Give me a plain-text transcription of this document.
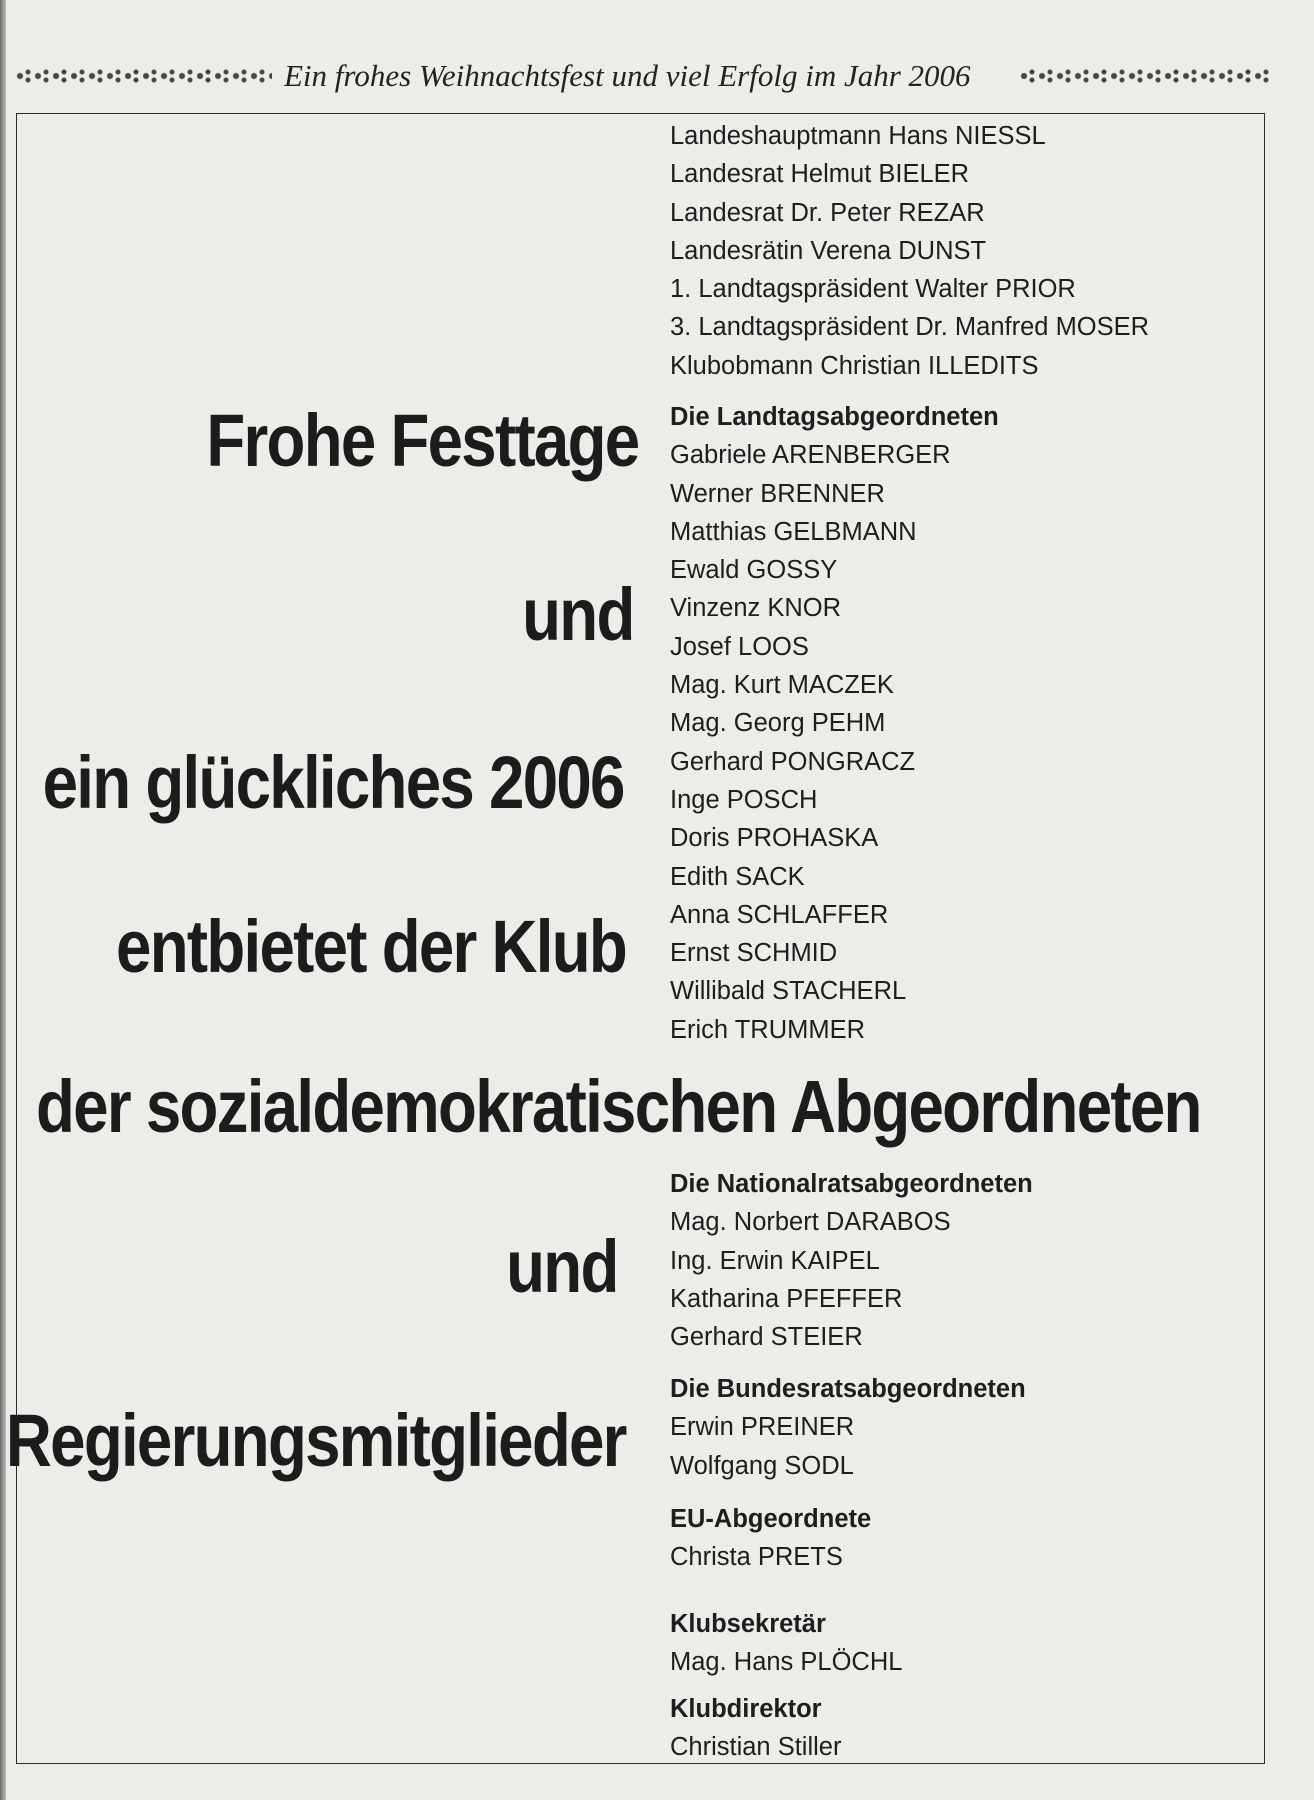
Ein frohes Weihnachtsfest und viel Erfolg im Jahr 2006
Frohe Festtage
und
ein glückliches 2006
entbietet der Klub
der sozialdemokratischen Abgeordneten
und
Regierungsmitglieder
Landeshauptmann Hans NIESSL
Landesrat Helmut BIELER
Landesrat Dr. Peter REZAR
Landesrätin Verena DUNST
1. Landtagspräsident Walter PRIOR
3. Landtagspräsident Dr. Manfred MOSER
Klubobmann Christian ILLEDITS
Die Landtagsabgeordneten
Gabriele ARENBERGER
Werner BRENNER
Matthias GELBMANN
Ewald GOSSY
Vinzenz KNOR
Josef LOOS
Mag. Kurt MACZEK
Mag. Georg PEHM
Gerhard PONGRACZ
Inge POSCH
Doris PROHASKA
Edith SACK
Anna SCHLAFFER
Ernst SCHMID
Willibald STACHERL
Erich TRUMMER
Die Nationalratsabgeordneten
Mag. Norbert DARABOS
Ing. Erwin KAIPEL
Katharina PFEFFER
Gerhard STEIER
Die Bundesratsabgeordneten
Erwin PREINER
Wolfgang SODL
EU-Abgeordnete
Christa PRETS
Klubsekretär
Mag. Hans PLÖCHL
Klubdirektor
Christian Stiller
